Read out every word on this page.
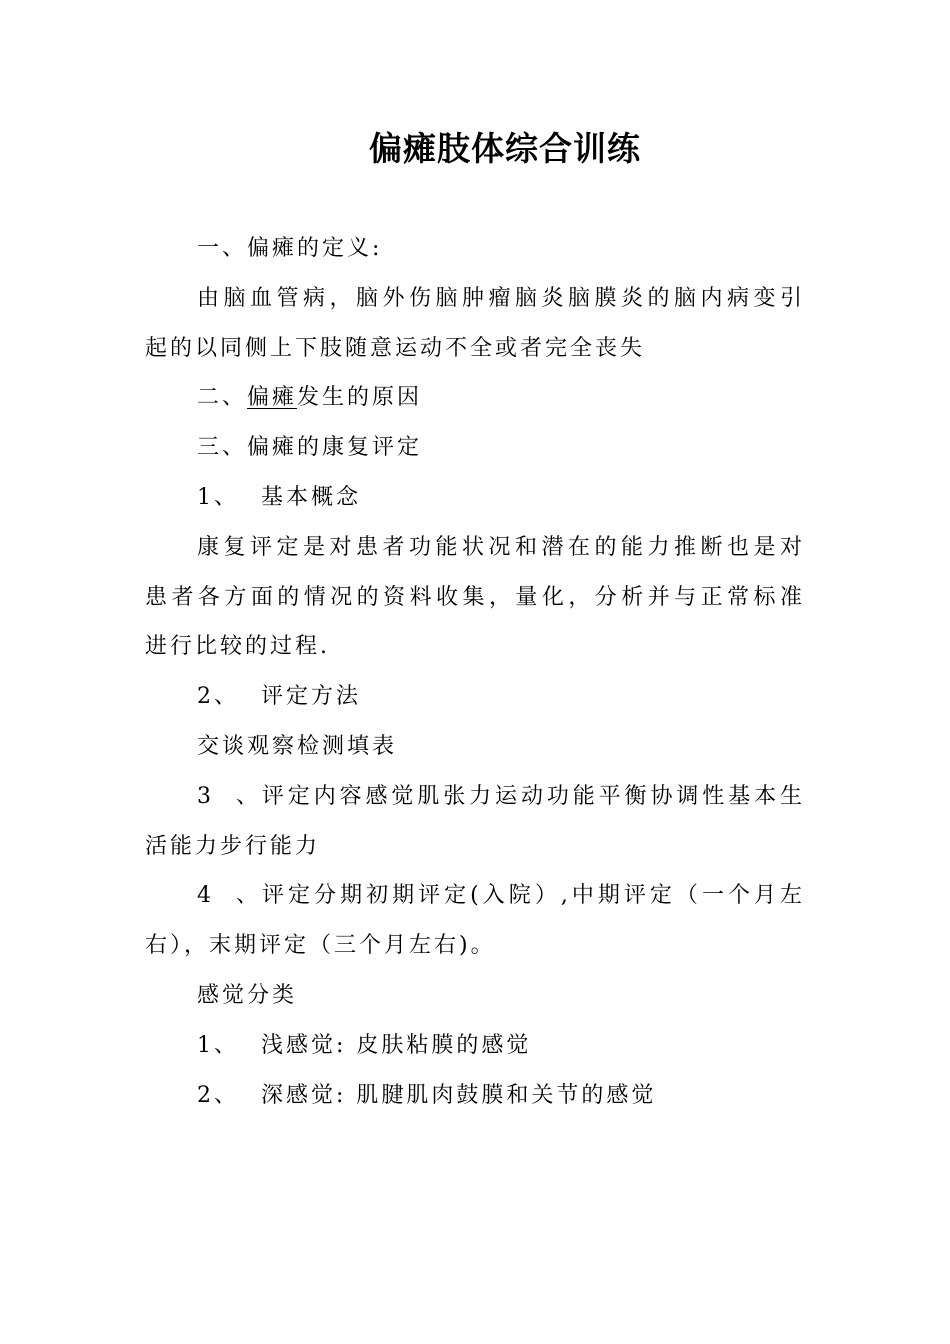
偏瘫肢体综合训练
一、偏瘫的定义:
由脑血管病，脑外伤脑肿瘤脑炎脑膜炎的脑内病变引
起的以同侧上下肢随意运动不全或者完全丧失
二、偏瘫发生的原因
三、偏瘫的康复评定
1、 基本概念
康复评定是对患者功能状况和潜在的能力推断也是对
患者各方面的情况的资料收集，量化，分析并与正常标准
进行比较的过程.
2、 评定方法
交谈观察检测填表
3、评定内容感觉肌张力运动功能平衡协调性基本生
活能力步行能力
4、评定分期初期评定(入院）,中期评定（一个月左
右），末期评定（三个月左右)。
感觉分类
1、 浅感觉: 皮肤粘膜的感觉
2、 深感觉: 肌腱肌肉鼓膜和关节的感觉
